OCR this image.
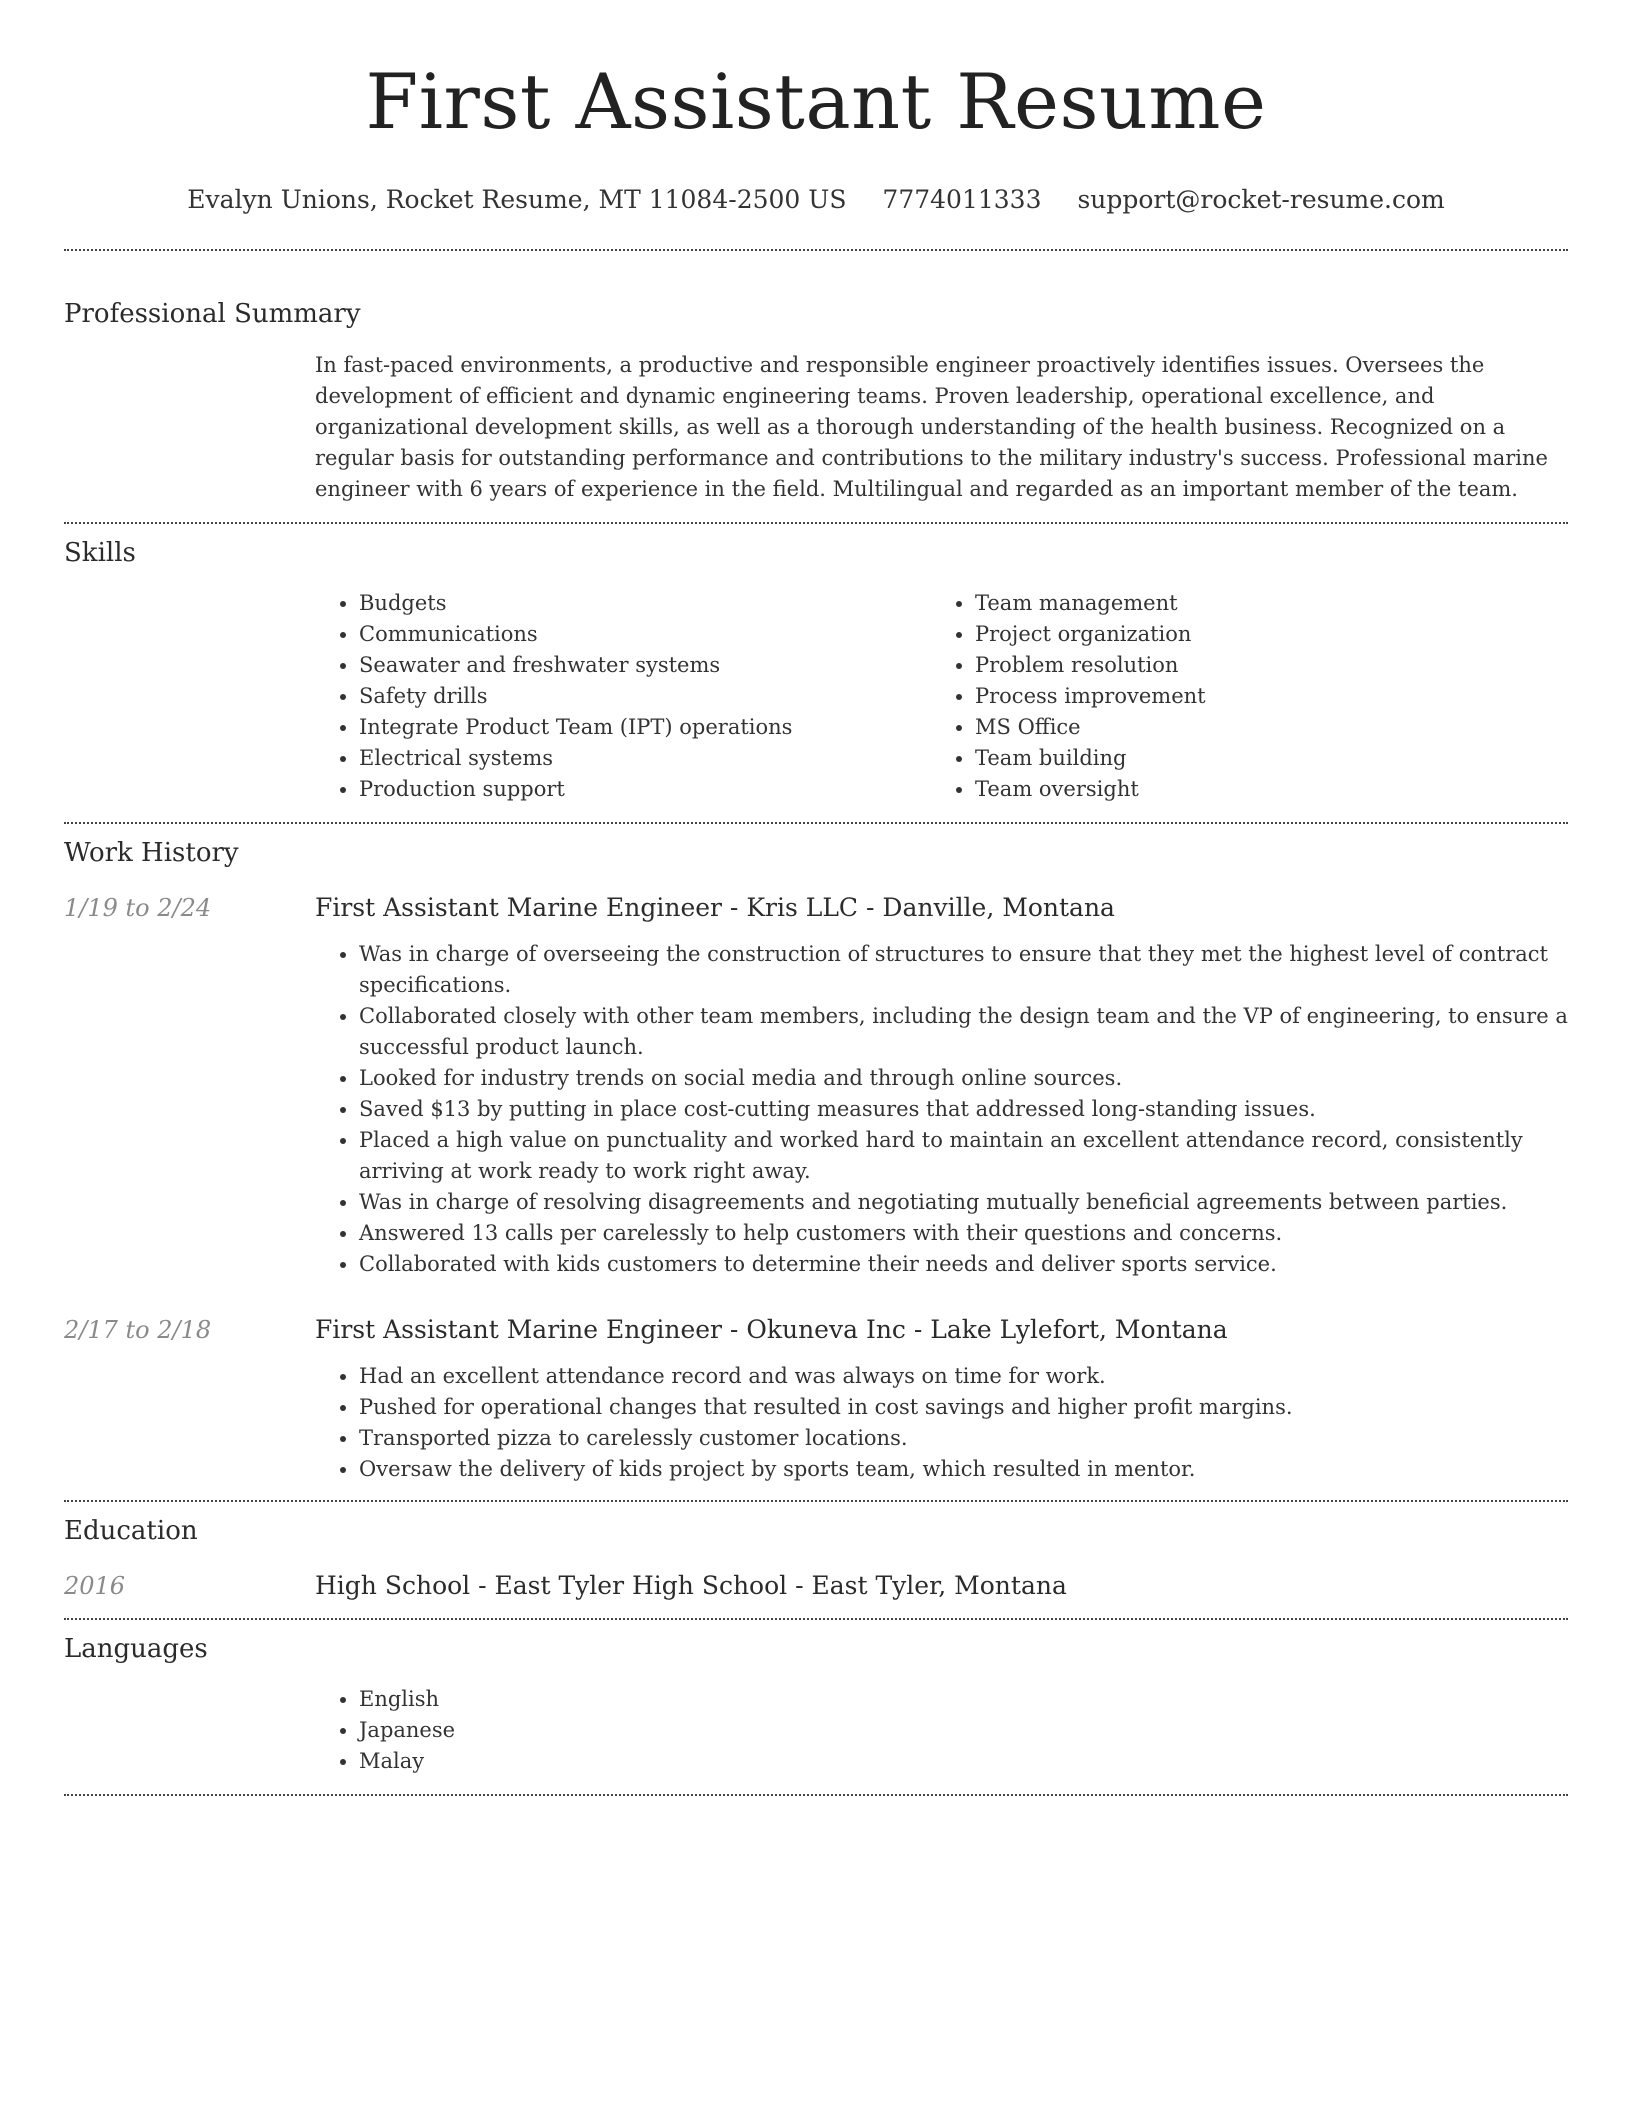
First Assistant Resume
Evalyn Unions, Rocket Resume, MT 11084-2500 US 7774011333 support@rocket-resume.com
Professional Summary

In fast-paced environments, a productive and responsible engineer proactively identifies issues. Oversees the development of efficient and dynamic engineering teams. Proven leadership, operational excellence, and organizational development skills, as well as a thorough understanding of the health business. Recognized on a regular basis for outstanding performance and contributions to the military industry's success. Professional marine engineer with 6 years of experience in the field. Multilingual and regarded as an important member of the team.

Skills
• Budgets
• Communications
• Seawater and freshwater systems
• Safety drills
• Integrate Product Team (IPT) operations
• Electrical systems
• Production support
• Team management
• Project organization
• Problem resolution
• Process improvement
• MS Office
• Team building
• Team oversight
Work History
1/19 to 2/24	First Assistant Marine Engineer - Kris LLC - Danville, Montana
• Was in charge of overseeing the construction of structures to ensure that they met the highest level of contract specifications.
• Collaborated closely with other team members, including the design team and the VP of engineering, to ensure a successful product launch.
• Looked for industry trends on social media and through online sources.
• Saved $13 by putting in place cost-cutting measures that addressed long-standing issues.
• Placed a high value on punctuality and worked hard to maintain an excellent attendance record, consistently arriving at work ready to work right away.
• Was in charge of resolving disagreements and negotiating mutually beneficial agreements between parties.
• Answered 13 calls per carelessly to help customers with their questions and concerns.
• Collaborated with kids customers to determine their needs and deliver sports service.
2/17 to 2/18	First Assistant Marine Engineer - Okuneva Inc - Lake Lylefort, Montana
• Had an excellent attendance record and was always on time for work.
• Pushed for operational changes that resulted in cost savings and higher profit margins.
• Transported pizza to carelessly customer locations.
• Oversaw the delivery of kids project by sports team, which resulted in mentor.
Education
2016	High School - East Tyler High School - East Tyler, Montana
Languages
• English
• Japanese
• Malay
